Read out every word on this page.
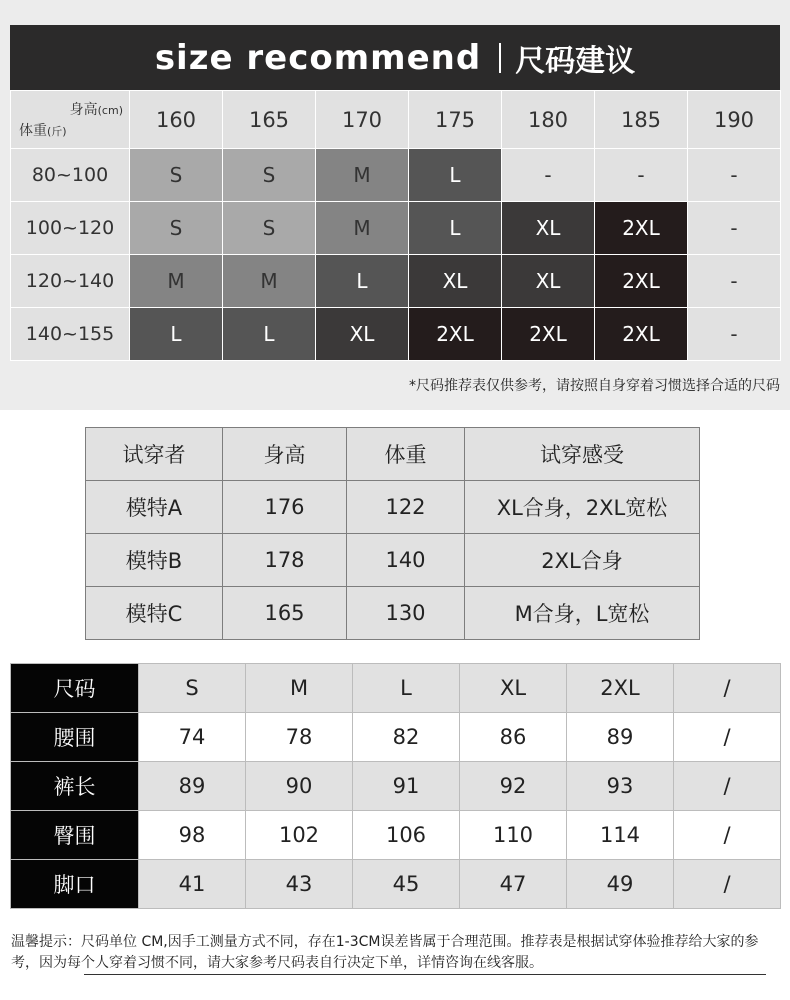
size recommend 尺码建议
身高(cm)
体重(斤)	160	165	170	175	180	185	190
80~100	S	S	M	L	-	-	-
100~120	S	S	M	L	XL	2XL	-
120~140	M	M	L	XL	XL	2XL	-
140~155	L	L	XL	2XL	2XL	2XL	-
*尺码推荐表仅供参考，请按照自身穿着习惯选择合适的尺码
试穿者	身高	体重	试穿感受
模特A	176	122	XL合身，2XL宽松
模特B	178	140	2XL合身
模特C	165	130	M合身，L宽松
尺码	S	M	L	XL	2XL	/
腰围	74	78	82	86	89	/
裤长	89	90	91	92	93	/
臀围	98	102	106	110	114	/
脚口	41	43	45	47	49	/
温馨提示：尺码单位 CM,因手工测量方式不同，存在1-3CM误差皆属于合理范围。推荐表是根据试穿体验推荐给大家的参考，因为每个人穿着习惯不同，请大家参考尺码表自行决定下单，详情咨询在线客服。
